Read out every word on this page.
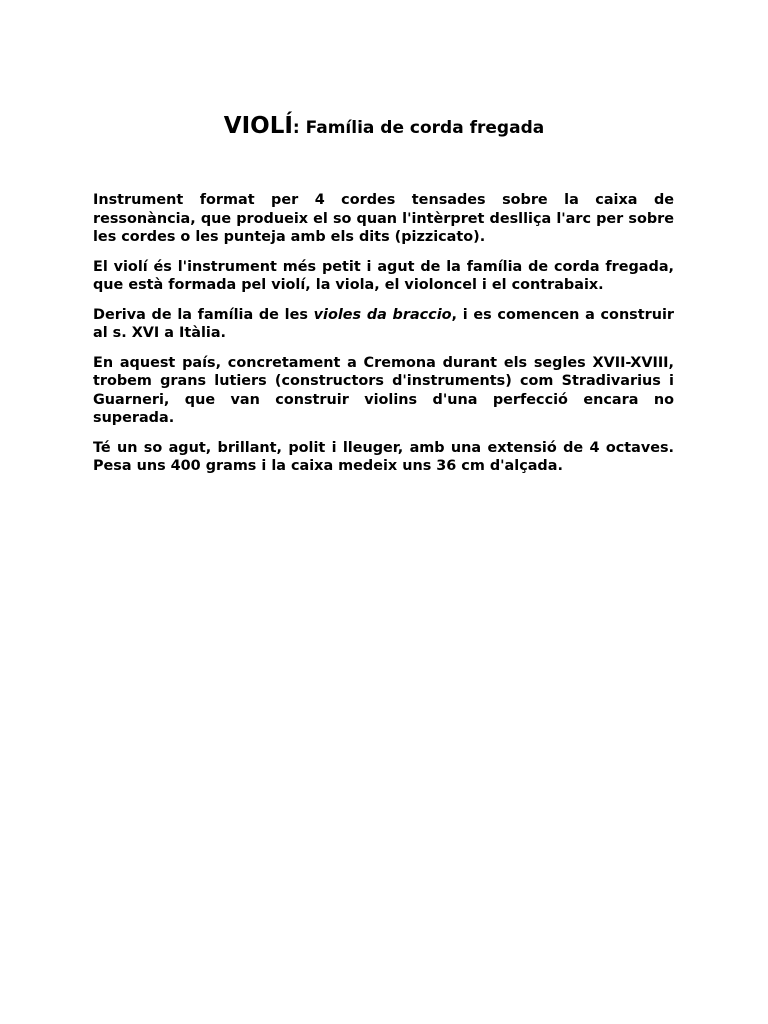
VIOLÍ: Família de corda fregada

Instrument format per 4 cordes tensades sobre la caixa de ressonància, que produeix el so quan l'intèrpret deslliça l'arc per sobre les cordes o les punteja amb els dits (pizzicato).

El violí és l'instrument més petit i agut de la família de corda fregada, que està formada pel violí, la viola, el violoncel i el contrabaix.

Deriva de la família de les violes da braccio, i es comencen a construir al s. XVI a Itàlia.

En aquest país, concretament a Cremona durant els segles XVII-XVIII, trobem grans lutiers (constructors d'instruments) com Stradivarius i Guarneri, que van construir violins d'una perfecció encara no superada.

Té un so agut, brillant, polit i lleuger, amb una extensió de 4 octaves. Pesa uns 400 grams i la caixa medeix uns 36 cm d'alçada.
